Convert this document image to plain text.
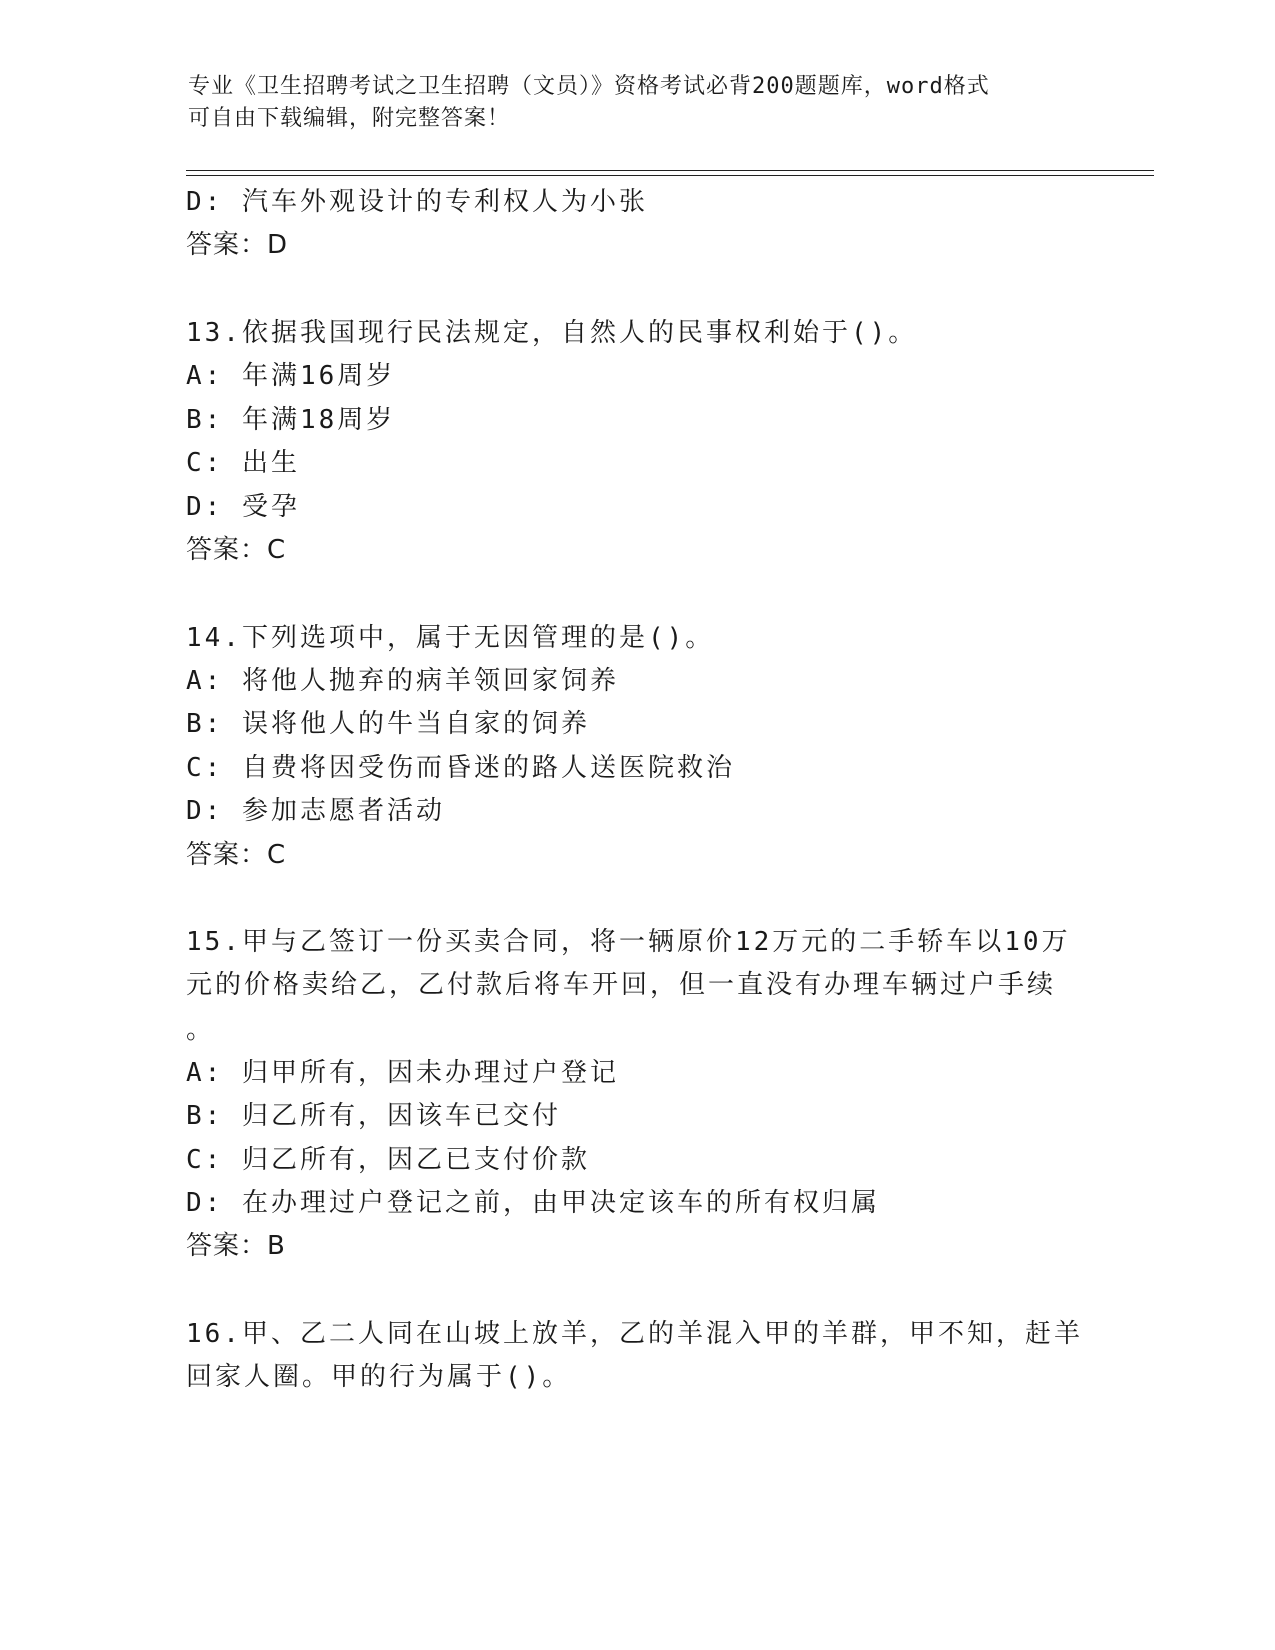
专业《卫生招聘考试之卫生招聘（文员）》资格考试必背200题题库，word格式
可自由下载编辑，附完整答案！
D: 汽车外观设计的专利权人为小张
答案：D
13.依据我国现行民法规定，自然人的民事权利始于()。
A: 年满16周岁
B: 年满18周岁
C: 出生
D: 受孕
答案：C
14.下列选项中，属于无因管理的是()。
A: 将他人抛弃的病羊领回家饲养
B: 误将他人的牛当自家的饲养
C: 自费将因受伤而昏迷的路人送医院救治
D: 参加志愿者活动
答案：C
15.甲与乙签订一份买卖合同，将一辆原价12万元的二手轿车以10万
元的价格卖给乙，乙付款后将车开回，但一直没有办理车辆过户手续
。
A: 归甲所有，因未办理过户登记
B: 归乙所有，因该车已交付
C: 归乙所有，因乙已支付价款
D: 在办理过户登记之前，由甲决定该车的所有权归属
答案：B
16.甲、乙二人同在山坡上放羊，乙的羊混入甲的羊群，甲不知，赶羊
回家人圈。甲的行为属于()。
